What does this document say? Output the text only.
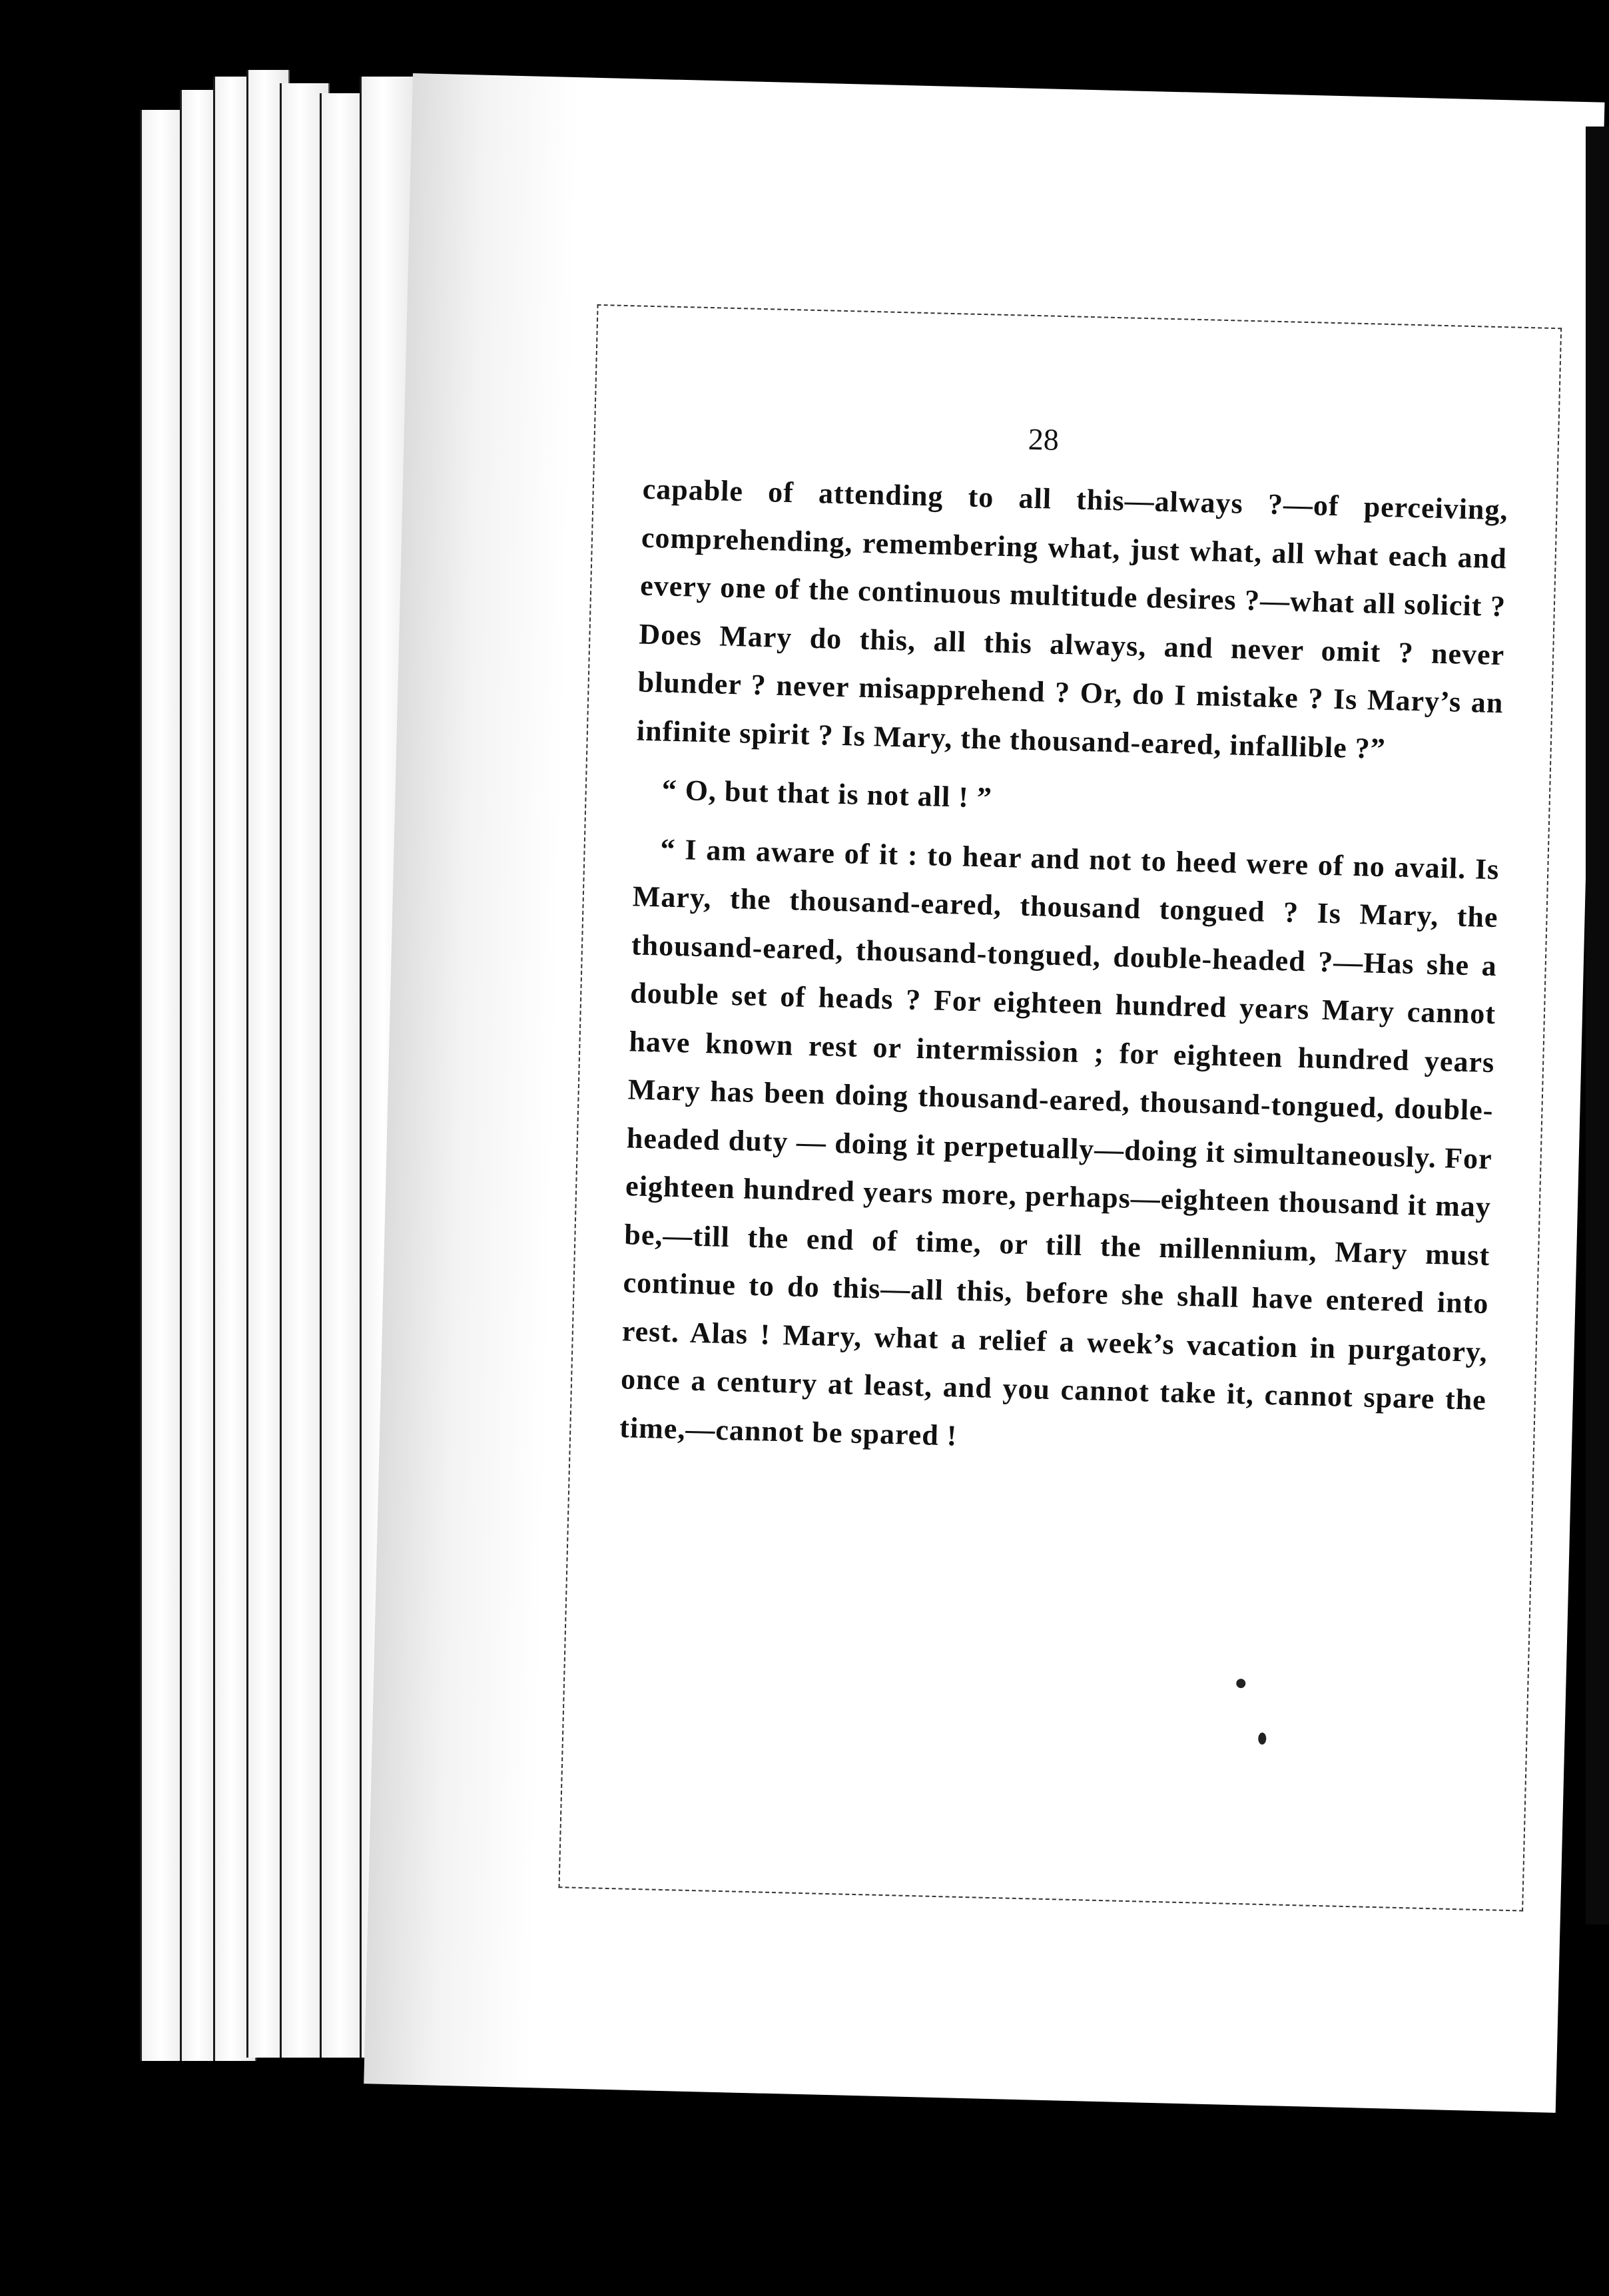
28

capable of attending to all this—always ?—of perceiving, comprehending, remembering what, just what, all what each and every one of the continuous multitude desires ?—what all solicit ? Does Mary do this, all this always, and never omit ? never blunder ? never misapprehend ? Or, do I mistake ? Is Mary’s an infinite spirit ? Is Mary, the thousand-eared, infallible ?”

“ O, but that is not all ! ”

“ I am aware of it : to hear and not to heed were of no avail. Is Mary, the thousand-eared, thousand tongued ? Is Mary, the thousand-eared, thousand-tongued, double-headed ?—Has she a double set of heads ? For eighteen hundred years Mary cannot have known rest or intermission ; for eighteen hundred years Mary has been doing thousand-eared, thousand-tongued, double-headed duty — doing it perpetually—doing it simultaneously. For eighteen hundred years more, perhaps—eighteen thousand it may be,—till the end of time, or till the millennium, Mary must continue to do this—all this, before she shall have entered into rest. Alas ! Mary, what a relief a week’s vacation in purgatory, once a century at least, and you cannot take it, cannot spare the time,—cannot be spared !
